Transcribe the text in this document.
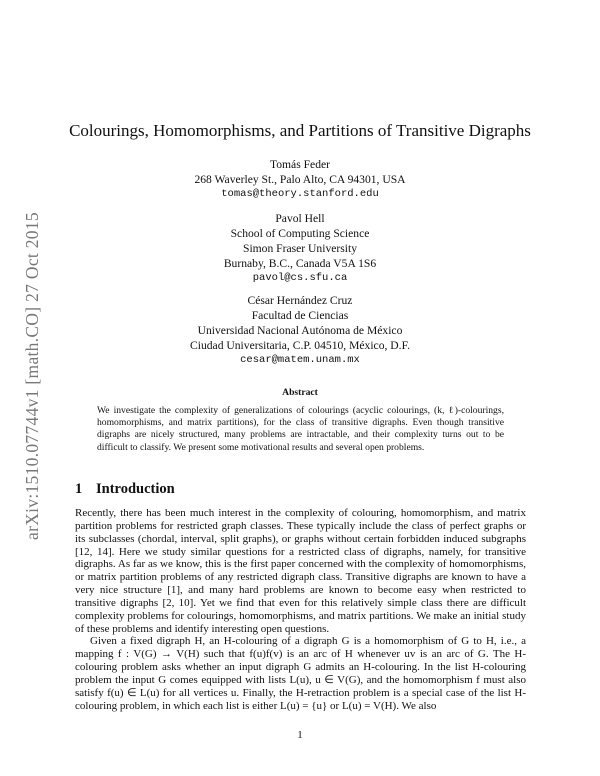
arXiv:1510.07744v1 [math.CO] 27 Oct 2015
Colourings, Homomorphisms, and Partitions of Transitive Digraphs
Tomás Feder
268 Waverley St., Palo Alto, CA 94301, USA
tomas@theory.stanford.edu
Pavol Hell
School of Computing Science
Simon Fraser University
Burnaby, B.C., Canada V5A 1S6
pavol@cs.sfu.ca
César Hernández Cruz
Facultad de Ciencias
Universidad Nacional Autónoma de México
Ciudad Universitaria, C.P. 04510, México, D.F.
cesar@matem.unam.mx
Abstract
We investigate the complexity of generalizations of colourings (acyclic colourings, (k, ℓ)-colourings, homomorphisms, and matrix partitions), for the class of transitive digraphs. Even though transitive digraphs are nicely structured, many problems are intractable, and their complexity turns out to be difficult to classify. We present some motivational results and several open problems.
1 Introduction

Recently, there has been much interest in the complexity of colouring, homomorphism, and matrix partition problems for restricted graph classes. These typically include the class of perfect graphs or its subclasses (chordal, interval, split graphs), or graphs without certain forbidden induced subgraphs [12, 14]. Here we study similar questions for a restricted class of digraphs, namely, for transitive digraphs. As far as we know, this is the first paper concerned with the complexity of homomorphisms, or matrix partition problems of any restricted digraph class. Transitive digraphs are known to have a very nice structure [1], and many hard problems are known to become easy when restricted to transitive digraphs [2, 10]. Yet we find that even for this relatively simple class there are difficult complexity problems for colourings, homomorphisms, and matrix partitions. We make an initial study of these problems and identify interesting open questions.

Given a fixed digraph H, an H-colouring of a digraph G is a homomorphism of G to H, i.e., a mapping f : V(G) → V(H) such that f(u)f(v) is an arc of H whenever uv is an arc of G. The H-colouring problem asks whether an input digraph G admits an H-colouring. In the list H-colouring problem the input G comes equipped with lists L(u), u ∈ V(G), and the homomorphism f must also satisfy f(u) ∈ L(u) for all vertices u. Finally, the H-retraction problem is a special case of the list H-colouring problem, in which each list is either L(u) = {u} or L(u) = V(H). We also

1
